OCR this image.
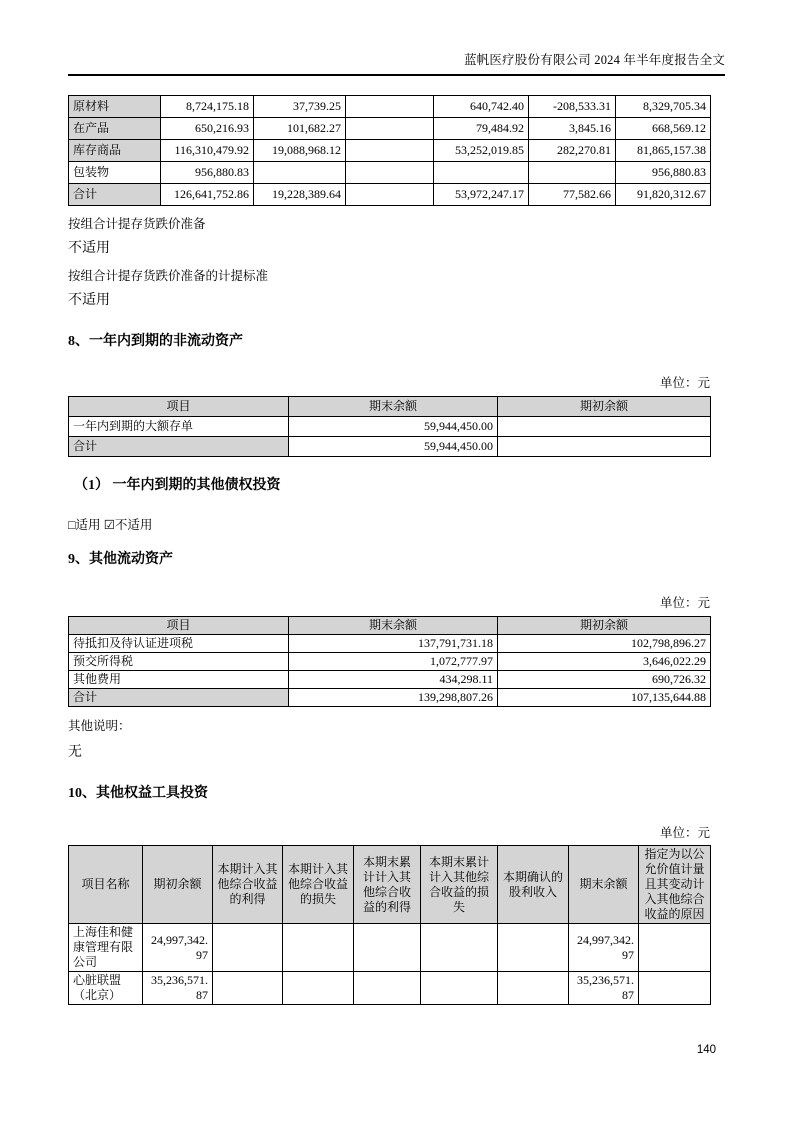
蓝帆医疗股份有限公司 2024 年半年度报告全文
原材料	8,724,175.18	37,739.25		640,742.40	-208,533.31	8,329,705.34
在产品	650,216.93	101,682.27		79,484.92	3,845.16	668,569.12
库存商品	116,310,479.92	19,088,968.12		53,252,019.85	282,270.81	81,865,157.38
包装物	956,880.83					956,880.83
合计	126,641,752.86	19,228,389.64		53,972,247.17	77,582.66	91,820,312.67

按组合计提存货跌价准备

不适用

按组合计提存货跌价准备的计提标准

不适用

8、一年内到期的非流动资产
单位：元
项目	期末余额	期初余额
一年内到期的大额存单	59,944,450.00	
合计	59,944,450.00	
（1） 一年内到期的其他债权投资

□适用 ☑不适用

9、其他流动资产
单位：元
项目	期末余额	期初余额
待抵扣及待认证进项税	137,791,731.18	102,798,896.27
预交所得税	1,072,777.97	3,646,022.29
其他费用	434,298.11	690,726.32
合计	139,298,807.26	107,135,644.88

其他说明：

无

10、其他权益工具投资
单位：元
项目名称	期初余额	本期计入其他综合收益的利得	本期计入其他综合收益的损失	本期末累计计入其他综合收益的利得	本期末累计计入其他综合收益的损失	本期确认的股利收入	期末余额	指定为以公允价值计量且其变动计入其他综合收益的原因
上海佳和健康管理有限公司	24,997,342.97						24,997,342.97	
心脏联盟（北京）	35,236,571.87						35,236,571.87	
140
